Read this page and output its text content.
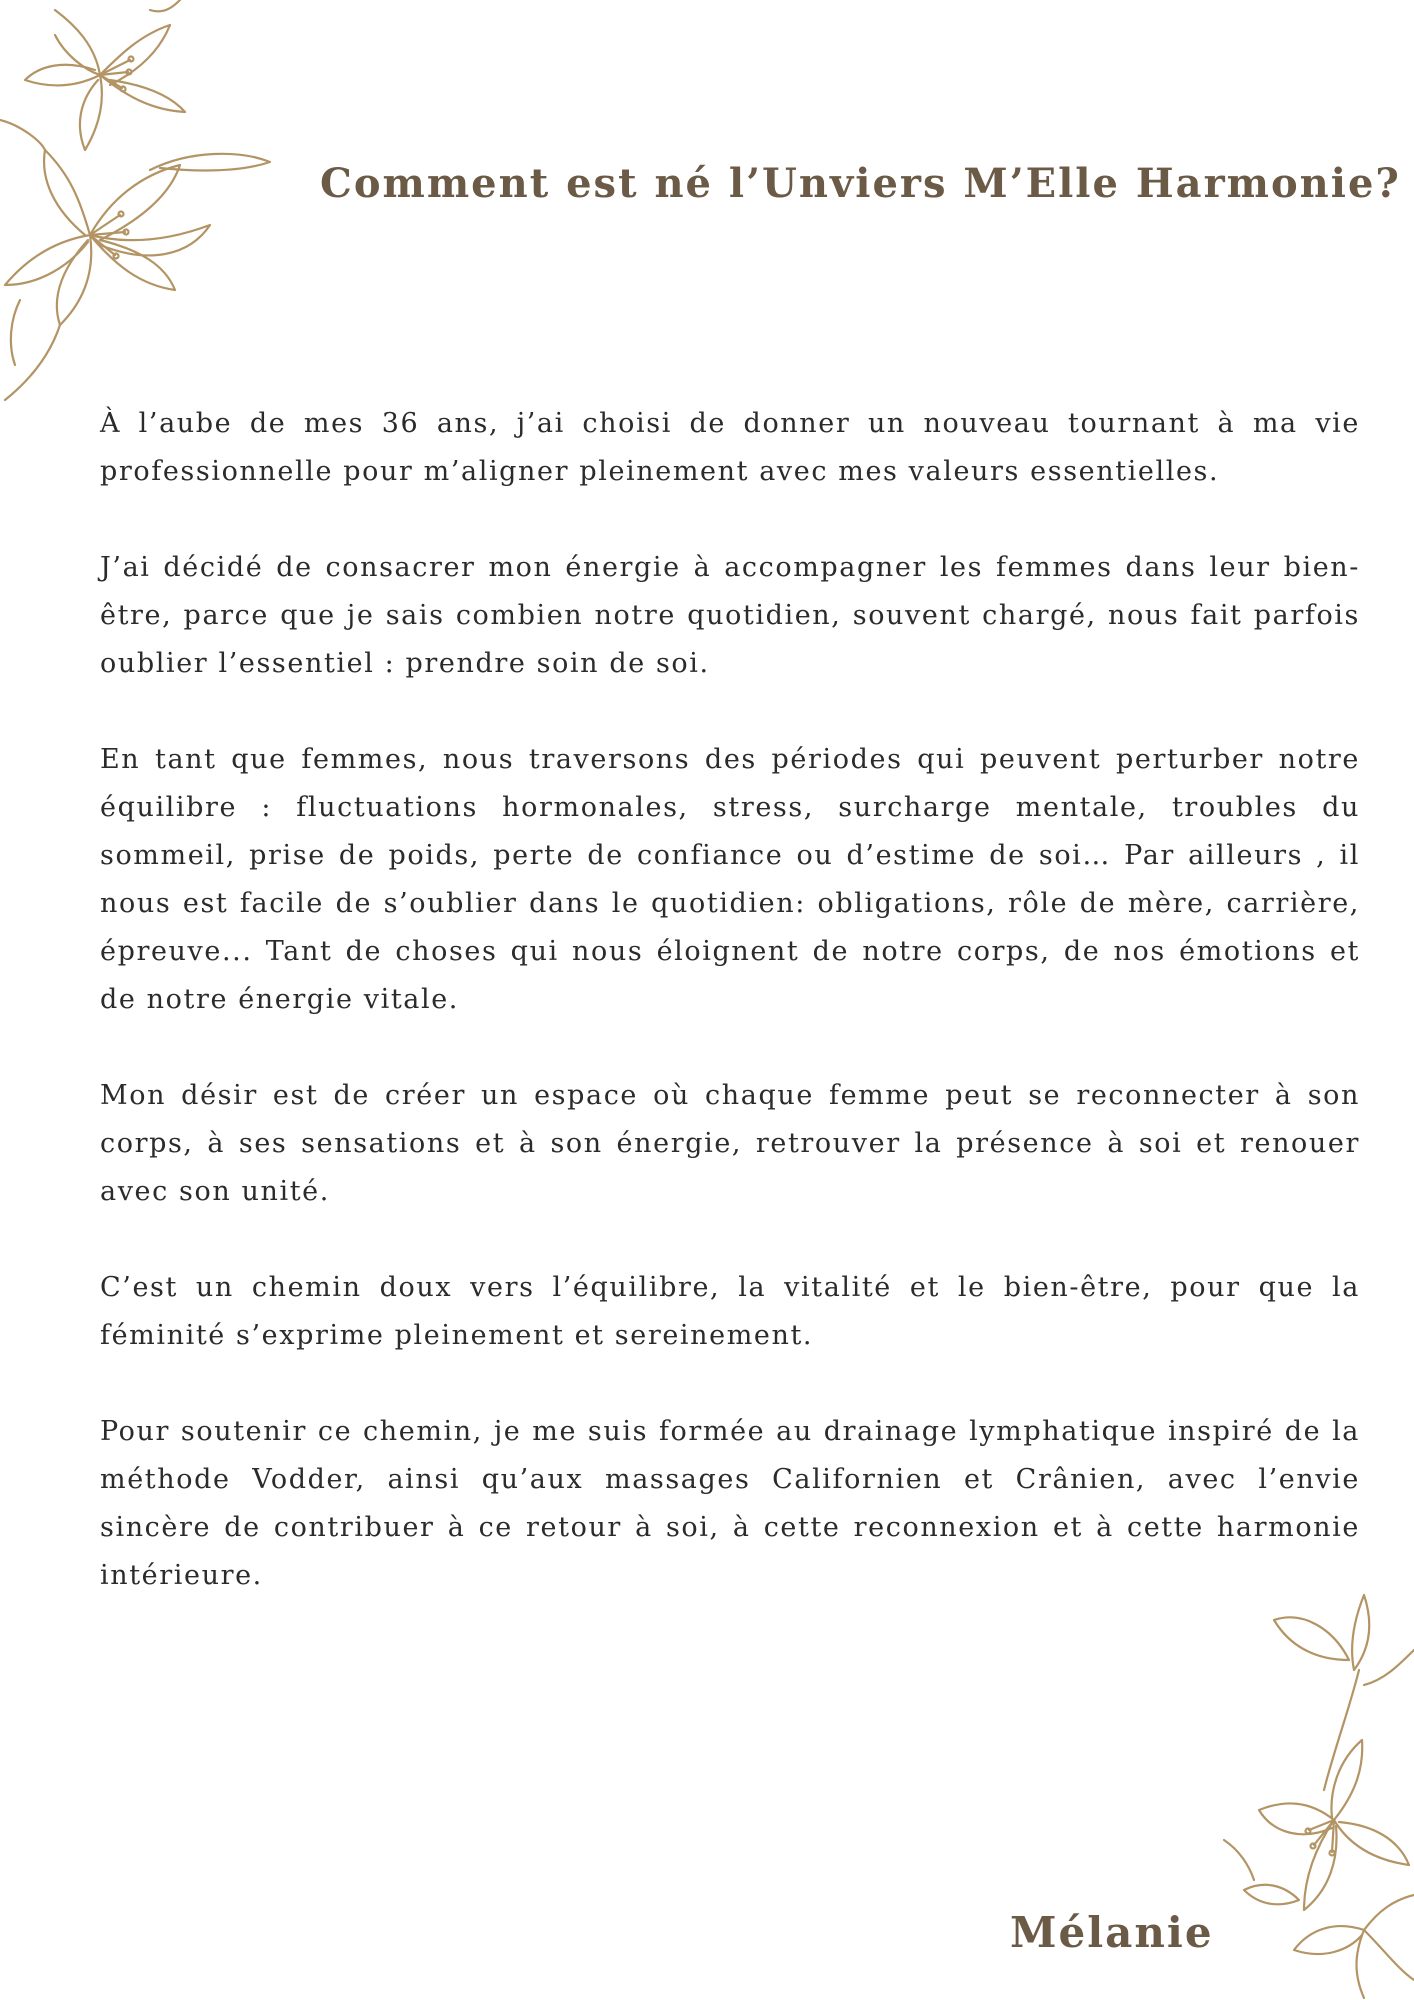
Comment est né l’Unviers M’Elle Harmonie?

À l’aube de mes 36 ans, j’ai choisi de donner un nouveau tournant à ma vie professionnelle pour m’aligner pleinement avec mes valeurs essentielles.

J’ai décidé de consacrer mon énergie à accompagner les femmes dans leur bien-être, parce que je sais combien notre quotidien, souvent chargé, nous fait parfois oublier l’essentiel : prendre soin de soi.

En tant que femmes, nous traversons des périodes qui peuvent perturber notre équilibre : fluctuations hormonales, stress, surcharge mentale, troubles du sommeil, prise de poids, perte de confiance ou d’estime de soi… Par ailleurs , il nous est facile de s’oublier dans le quotidien: obligations, rôle de mère, carrière, épreuve... Tant de choses qui nous éloignent de notre corps, de nos émotions et de notre énergie vitale.

Mon désir est de créer un espace où chaque femme peut se reconnecter à son corps, à ses sensations et à son énergie, retrouver la présence à soi et renouer avec son unité.

C’est un chemin doux vers l’équilibre, la vitalité et le bien-être, pour que la féminité s’exprime pleinement et sereinement.

Pour soutenir ce chemin, je me suis formée au drainage lymphatique inspiré de la méthode Vodder, ainsi qu’aux massages Californien et Crânien, avec l’envie sincère de contribuer à ce retour à soi, à cette reconnexion et à cette harmonie intérieure.

Mélanie
